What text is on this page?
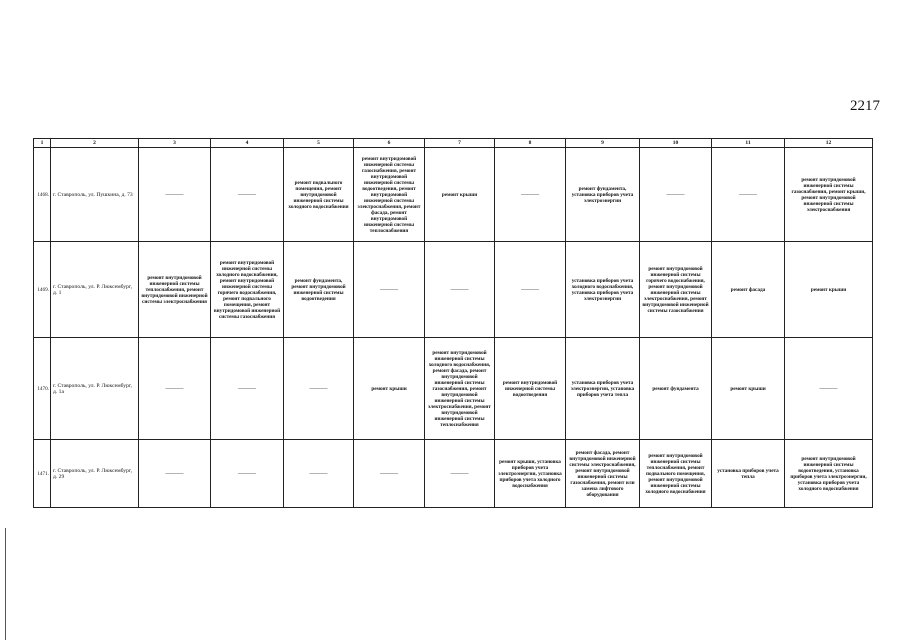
2217
1	2	3	4	5	6	7	8	9	10	11	12
1468.	г. Ставрополь, ул. Пушкина, д. 73	———	———	ремонт подвального помещения, ремонт внутридомовой инженерной системы холодного водоснабжения	ремонт внутридомовой инженерной системы газоснабжения, ремонт внутридомовой инженерной системы водоотведения, ремонт внутридомовой инженерной системы электроснабжения, ремонт фасада, ремонт внутридомовой инженерной системы теплоснабжения	ремонт крыши	———	ремонт фундамента, установка приборов учета электроэнергии	———	———	ремонт внутридомовой инженерной системы газоснабжения, ремонт крыши, ремонт внутридомовой инженерной системы электроснабжения
1469.	г. Ставрополь, ул. Р. Люксембург, д. 1	ремонт внутридомовой инженерной системы теплоснабжения, ремонт внутридомовой инженерной системы электроснабжения	ремонт внутридомовой инженерной системы холодного водоснабжения, ремонт внутридомовой инженерной системы горячего водоснабжения, ремонт подвального помещения, ремонт внутридомовой инженерной системы газоснабжения	ремонт фундамента, ремонт внутридомовой инженерной системы водоотведения	———	———	———	установка приборов учета холодного водоснабжения, установка приборов учета электроэнергии	ремонт внутридомовой инженерной системы горячего водоснабжения, ремонт внутридомовой инженерной системы электроснабжения, ремонт внутридомовой инженерной системы газоснабжения	ремонт фасада	ремонт крыши
1470.	г. Ставрополь, ул. Р. Люксембург, д. 1а	———	———	———	ремонт крыши	ремонт внутридомовой инженерной системы холодного водоснабжения, ремонт фасада, ремонт внутридомовой инженерной системы газоснабжения, ремонт внутридомовой инженерной системы электроснабжения, ремонт внутридомовой инженерной системы теплоснабжения	ремонт внутридомовой инженерной системы водоотведения	установка приборов учета электроэнергии, установка приборов учета тепла	ремонт фундамента	ремонт крыши	———
1471.	г. Ставрополь, ул. Р. Люксембург, д. 29	———	———	———	———	———	ремонт крыши, установка приборов учета электроэнергии, установка приборов учета холодного водоснабжения	ремонт фасада, ремонт внутридомовой инженерной системы электроснабжения, ремонт внутридомовой инженерной системы газоснабжения, ремонт или замена лифтового оборудования	ремонт внутридомовой инженерной системы теплоснабжения, ремонт подвального помещения, ремонт внутридомовой инженерной системы холодного водоснабжения	установка приборов учета тепла	ремонт внутридомовой инженерной системы водоотведения, установка приборов учета электроэнергии, установка приборов учета холодного водоснабжения
